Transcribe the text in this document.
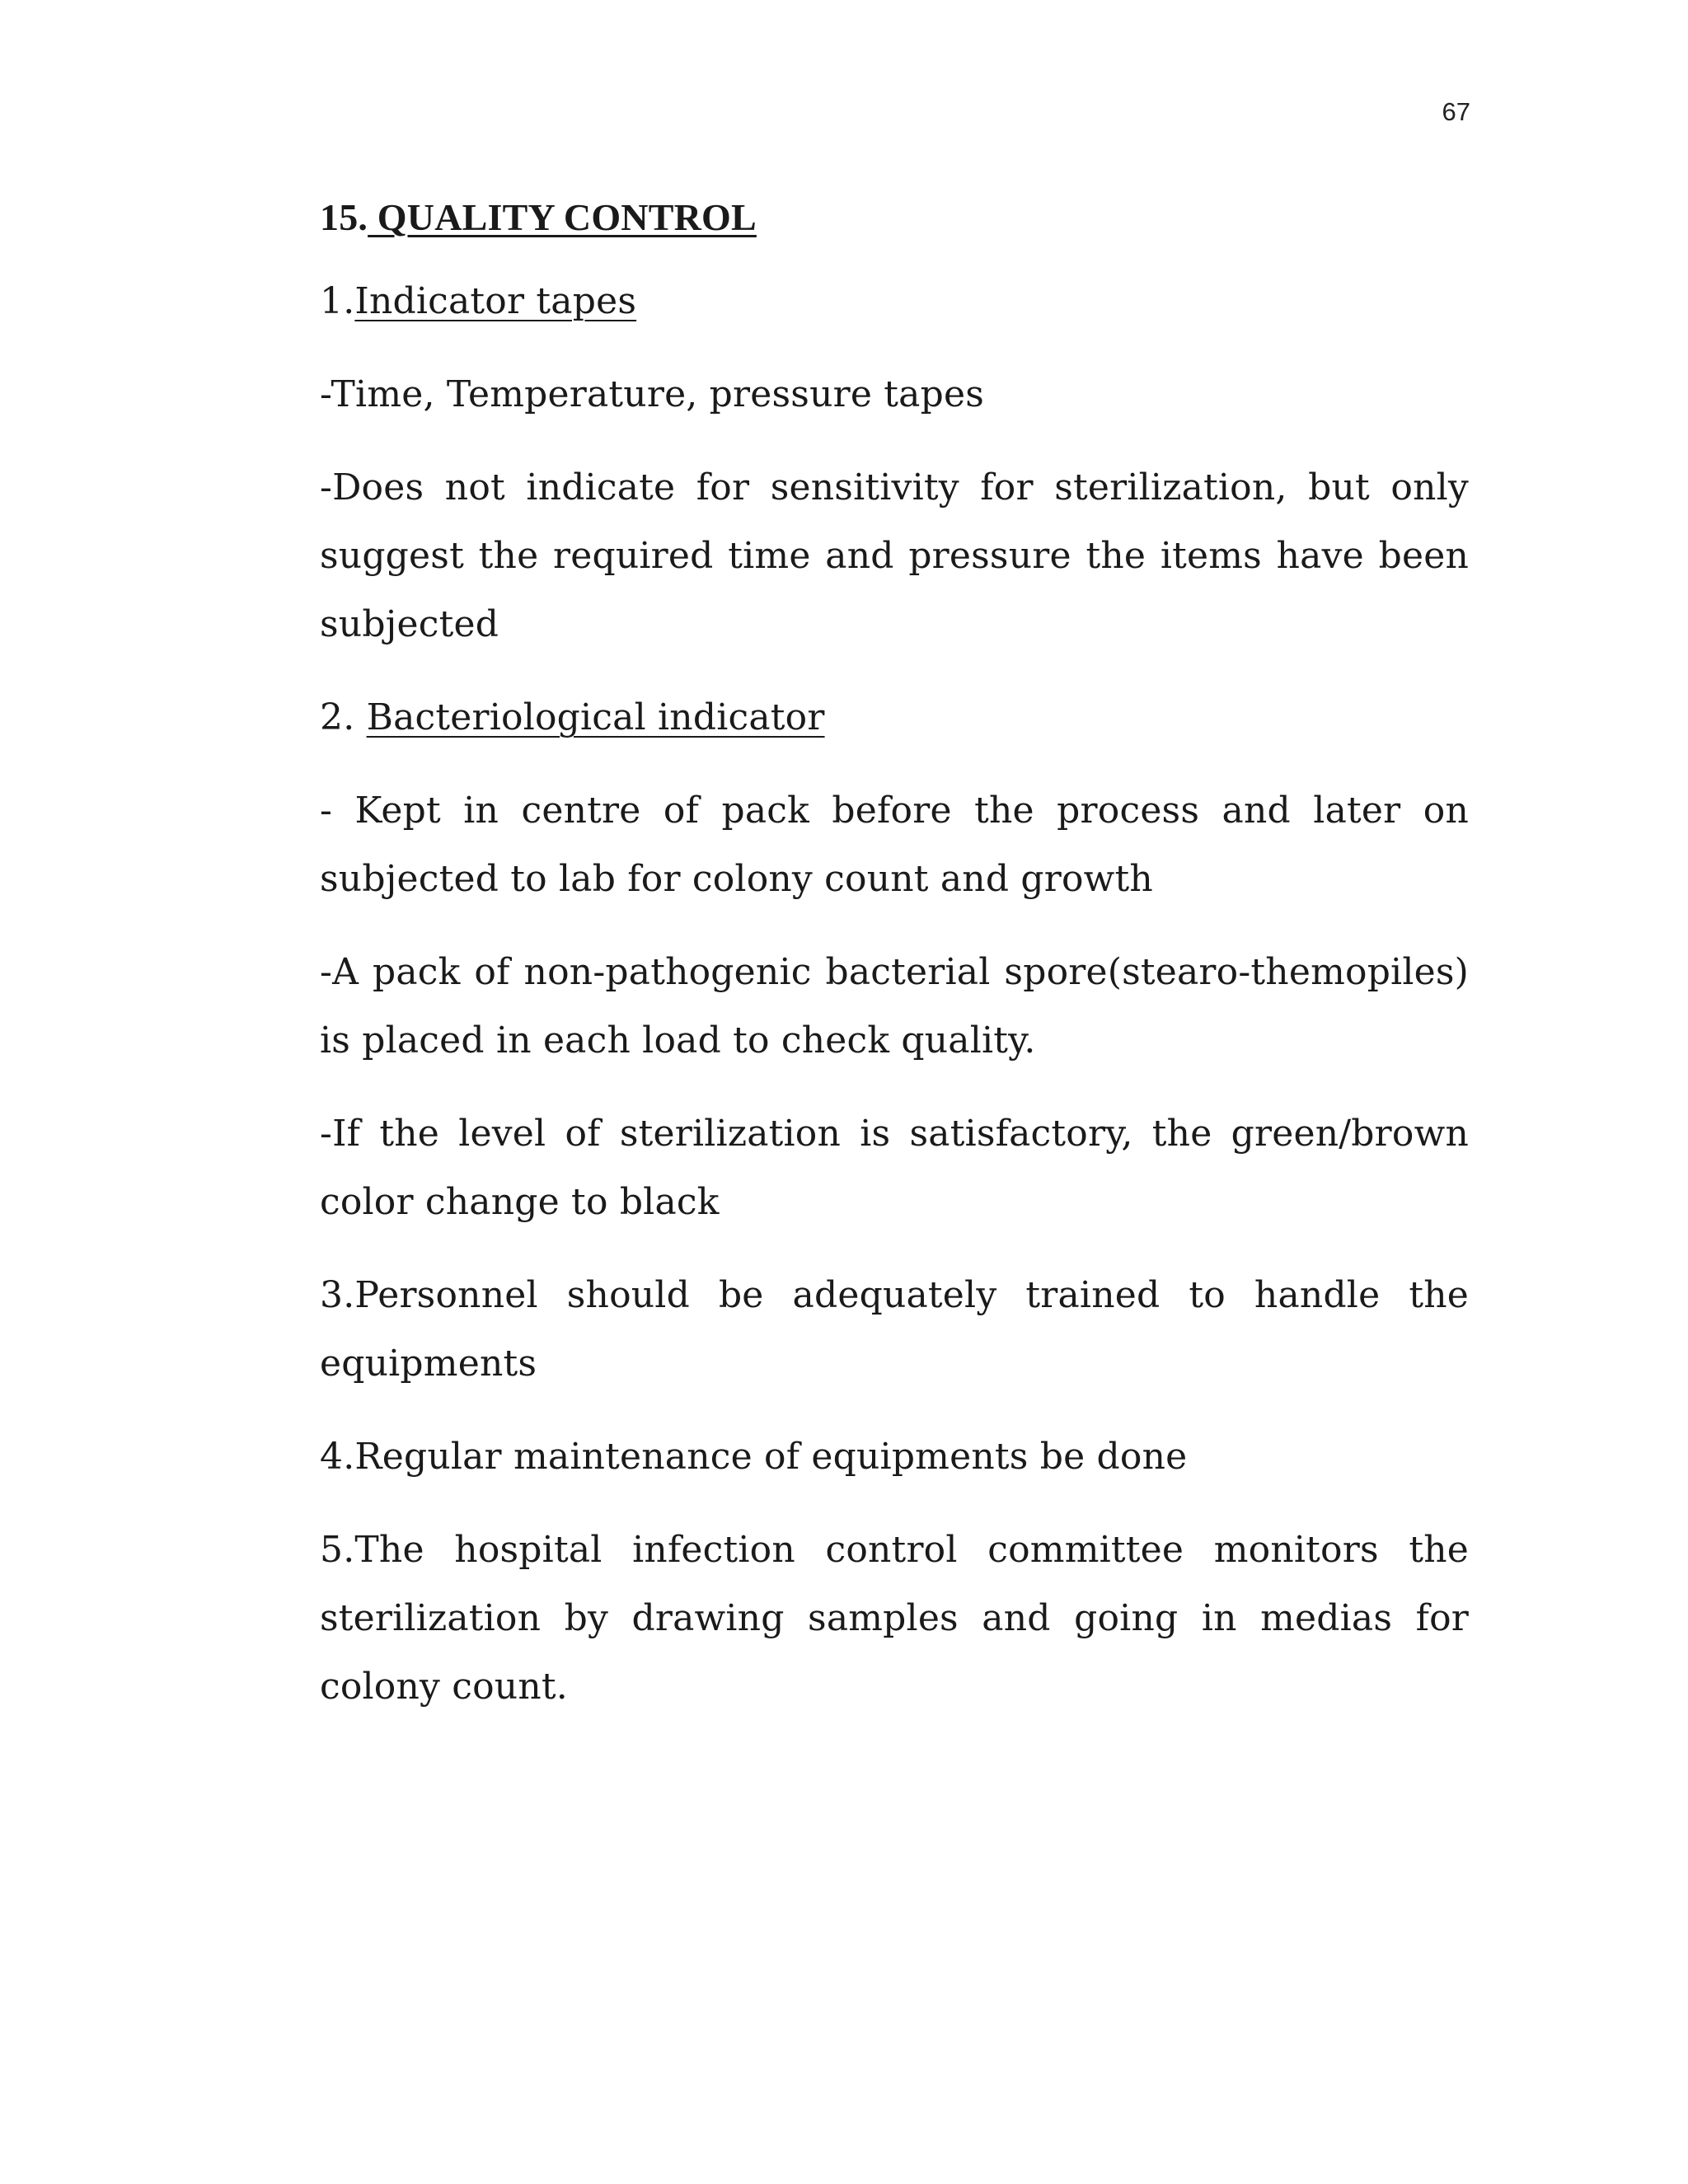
67
15. QUALITY CONTROL
1.Indicator tapes
-Time, Temperature, pressure tapes
-Does not indicate for sensitivity for sterilization, but only suggest the required time and pressure the items have been subjected
2. Bacteriological indicator
- Kept in centre of pack before the process and later on subjected to lab for colony count and growth
-A pack of non-pathogenic bacterial spore(stearo-themopiles) is placed in each load to check quality.
-If the level of sterilization is satisfactory, the green/brown color change to black
3.Personnel should be adequately trained to handle the equipments
4.Regular maintenance of equipments be done
5.The hospital infection control committee monitors the sterilization by drawing samples and going in medias for colony count.
